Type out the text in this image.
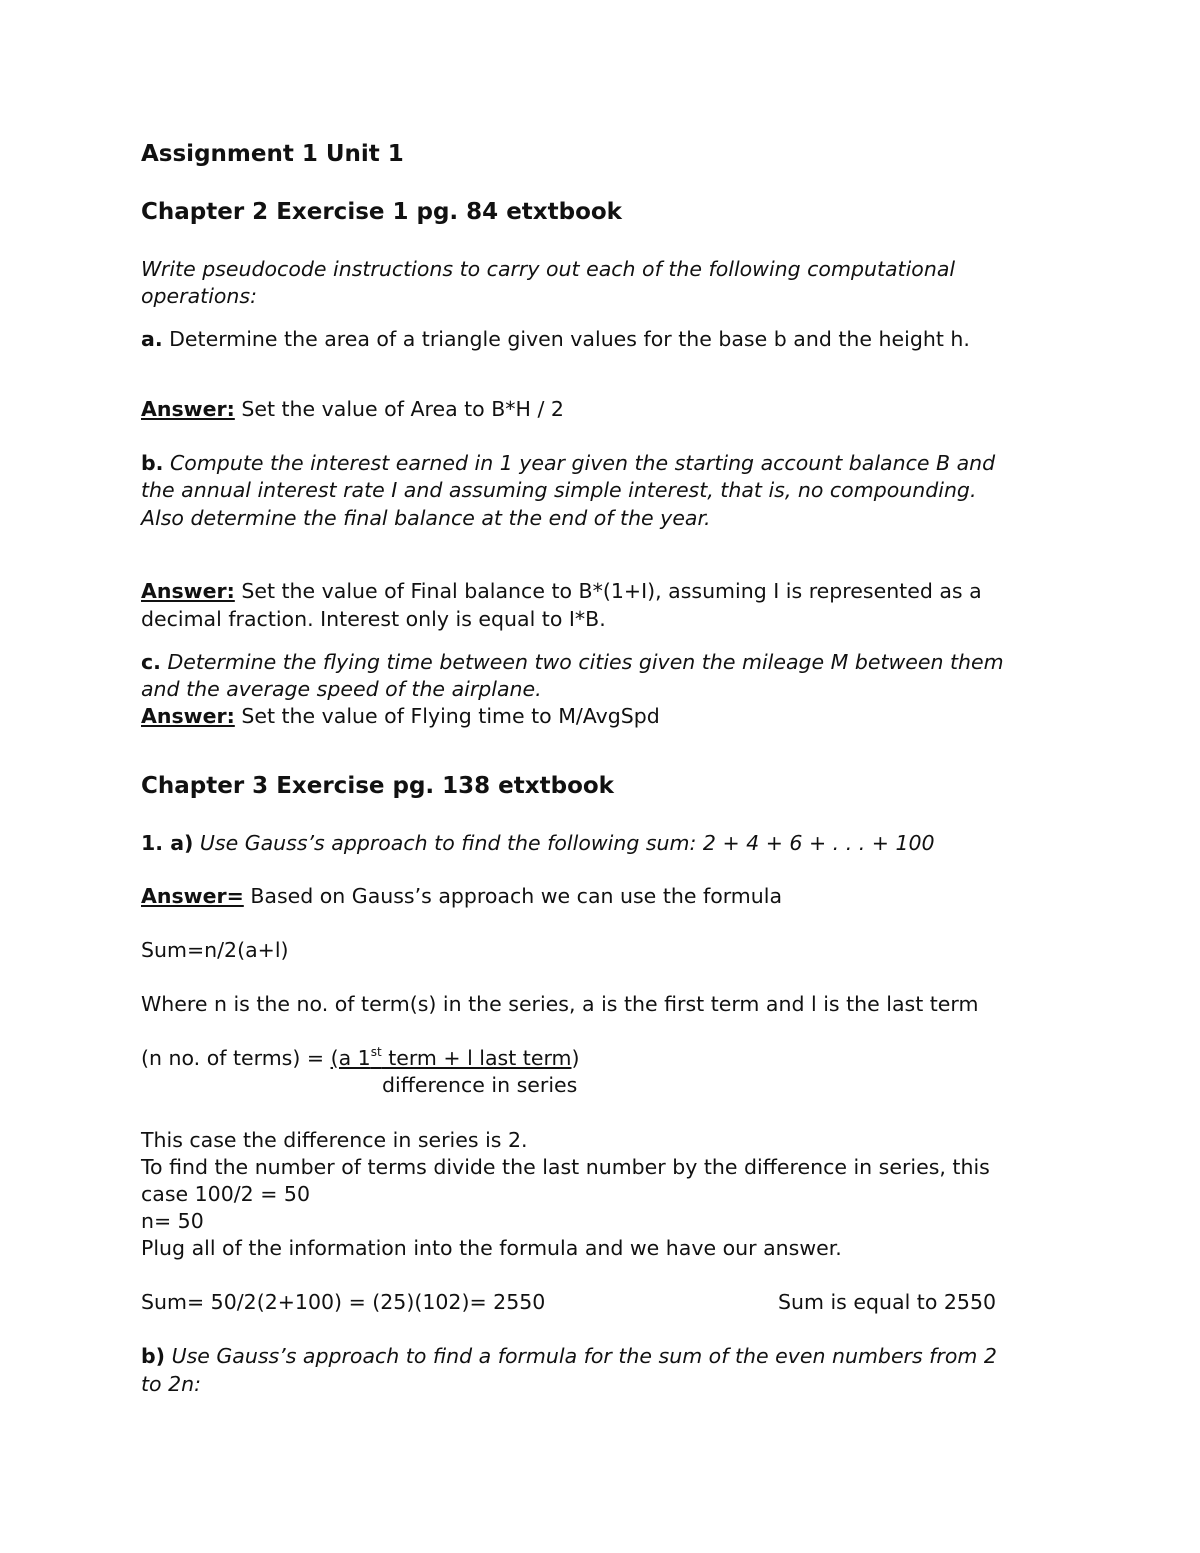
Assignment 1 Unit 1
Chapter 2 Exercise 1 pg. 84 etxtbook
Write pseudocode instructions to carry out each of the following computational
operations:
a. Determine the area of a triangle given values for the base b and the height h.
Answer: Set the value of Area to B*H / 2
b. Compute the interest earned in 1 year given the starting account balance B and
the annual interest rate I and assuming simple interest, that is, no compounding.
Also determine the final balance at the end of the year.
Answer: Set the value of Final balance to B*(1+I), assuming I is represented as a
decimal fraction. Interest only is equal to I*B.
c. Determine the flying time between two cities given the mileage M between them
and the average speed of the airplane.
Answer: Set the value of Flying time to M/AvgSpd
Chapter 3 Exercise pg. 138 etxtbook
1. a) Use Gauss’s approach to find the following sum: 2 + 4 + 6 + . . . + 100
Answer= Based on Gauss’s approach we can use the formula
Sum=n/2(a+l)
Where n is the no. of term(s) in the series, a is the first term and l is the last term
(n no. of terms) = (a 1st term + l last term)
difference in series
This case the difference in series is 2.
To find the number of terms divide the last number by the difference in series, this
case 100/2 = 50
n= 50
Plug all of the information into the formula and we have our answer.
Sum= 50/2(2+100) = (25)(102)= 2550	Sum is equal to 2550
b) Use Gauss’s approach to find a formula for the sum of the even numbers from 2
to 2n:
